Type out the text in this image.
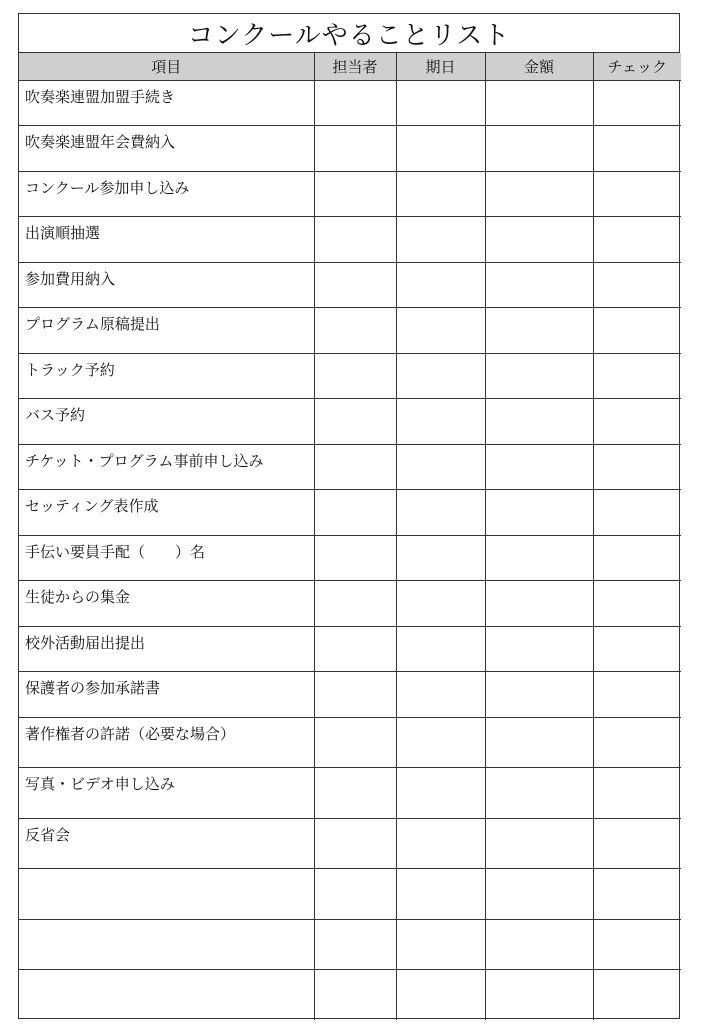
コンクールやることリスト
項目	担当者	期日	金額	チェック
吹奏楽連盟加盟手続き				
吹奏楽連盟年会費納入				
コンクール参加申し込み				
出演順抽選				
参加費用納入				
プログラム原稿提出				
トラック予約				
バス予約				
チケット・プログラム事前申し込み				
セッティング表作成				
手伝い要員手配（　　）名				
生徒からの集金				
校外活動届出提出				
保護者の参加承諾書				
著作権者の許諾（必要な場合）				
写真・ビデオ申し込み				
反省会				
